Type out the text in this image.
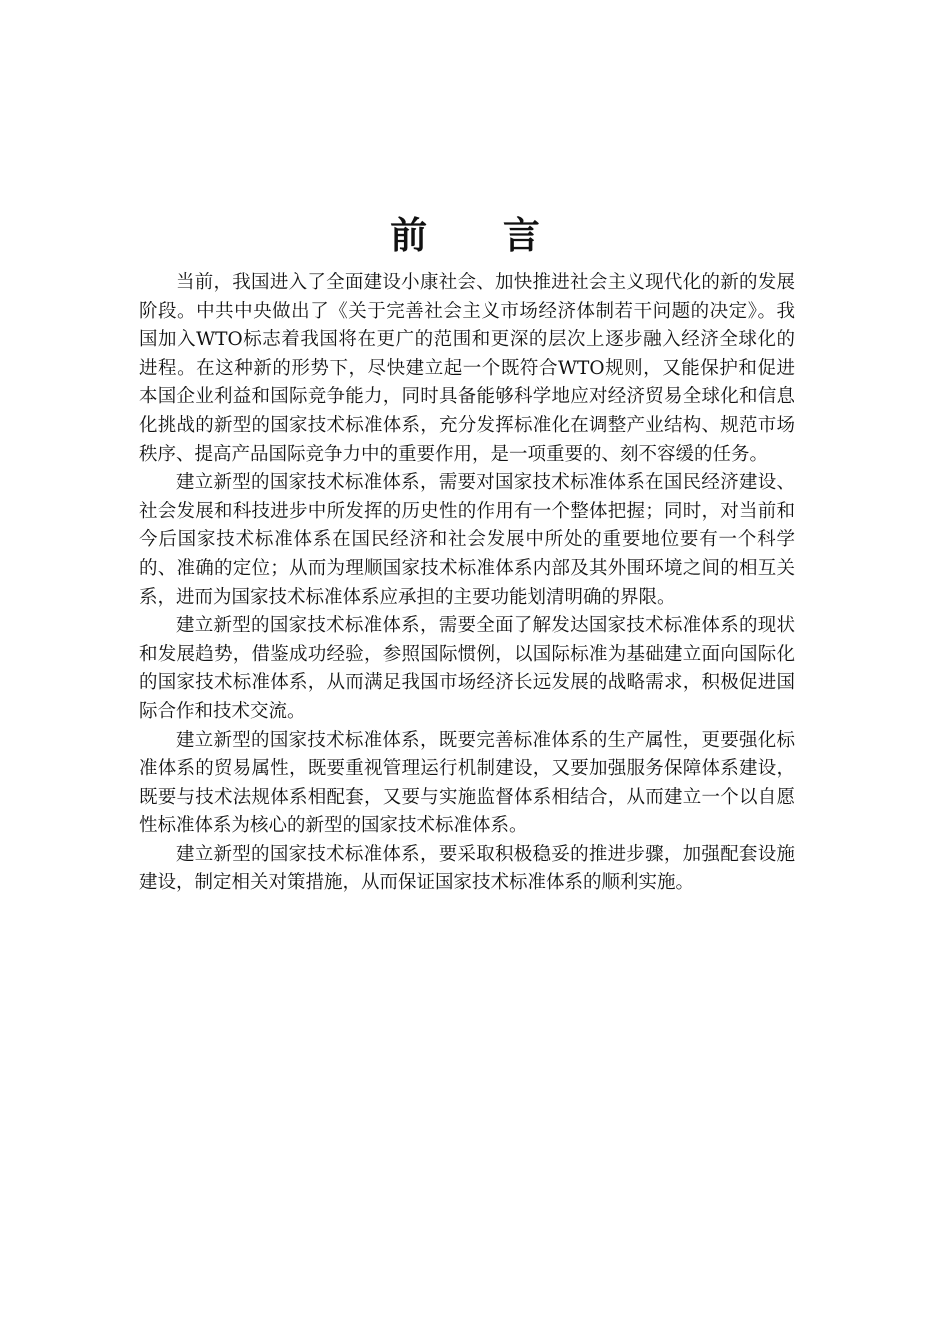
前 言

当前，我国进入了全面建设小康社会、加快推进社会主义现代化的新的发展阶段。中共中央做出了《关于完善社会主义市场经济体制若干问题的决定》。我国加入WTO标志着我国将在更广的范围和更深的层次上逐步融入经济全球化的进程。在这种新的形势下，尽快建立起一个既符合WTO规则，又能保护和促进本国企业利益和国际竞争能力，同时具备能够科学地应对经济贸易全球化和信息化挑战的新型的国家技术标准体系，充分发挥标准化在调整产业结构、规范市场秩序、提高产品国际竞争力中的重要作用，是一项重要的、刻不容缓的任务。

建立新型的国家技术标准体系，需要对国家技术标准体系在国民经济建设、社会发展和科技进步中所发挥的历史性的作用有一个整体把握；同时，对当前和今后国家技术标准体系在国民经济和社会发展中所处的重要地位要有一个科学的、准确的定位；从而为理顺国家技术标准体系内部及其外围环境之间的相互关系，进而为国家技术标准体系应承担的主要功能划清明确的界限。

建立新型的国家技术标准体系，需要全面了解发达国家技术标准体系的现状和发展趋势，借鉴成功经验，参照国际惯例，以国际标准为基础建立面向国际化的国家技术标准体系，从而满足我国市场经济长远发展的战略需求，积极促进国际合作和技术交流。

建立新型的国家技术标准体系，既要完善标准体系的生产属性，更要强化标准体系的贸易属性，既要重视管理运行机制建设，又要加强服务保障体系建设，既要与技术法规体系相配套，又要与实施监督体系相结合，从而建立一个以自愿性标准体系为核心的新型的国家技术标准体系。

建立新型的国家技术标准体系，要采取积极稳妥的推进步骤，加强配套设施建设，制定相关对策措施，从而保证国家技术标准体系的顺利实施。
